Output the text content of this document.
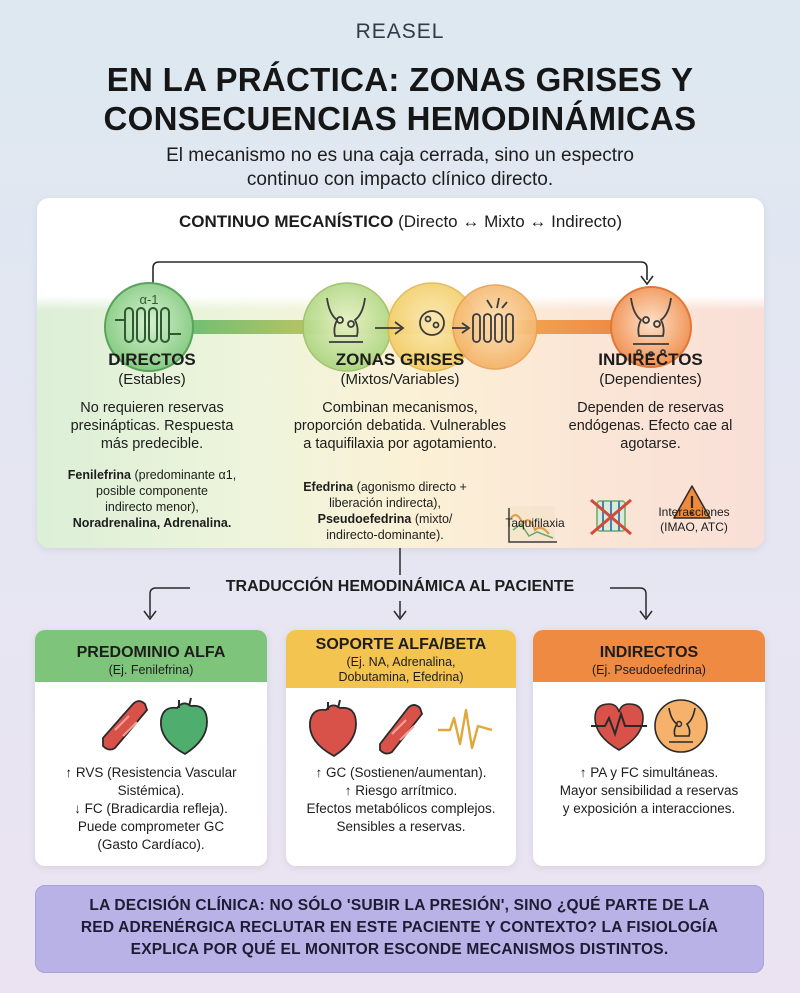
REASEL
EN LA PRÁCTICA: ZONAS GRISES Y
CONSECUENCIAS HEMODINÁMICAS
El mecanismo no es una caja cerrada, sino un espectro
continuo con impacto clínico directo.
CONTINUO MECANÍSTICO (Directo ↔ Mixto ↔ Indirecto)
α-1
DIRECTOS
(Estables)
No requieren reservas
presinápticas. Respuesta
más predecible.
Fenilefrina (predominante α1,
posible componente
indirecto menor),
Noradrenalina, Adrenalina.
ZONAS GRISES
(Mixtos/Variables)
Combinan mecanismos,
proporción debatida. Vulnerables
a taquifilaxia por agotamiento.
Efedrina (agonismo directo +
liberación indirecta),
Pseudoefedrina (mixto/
indirecto-dominante).
Taquifilaxia
INDIRECTOS
(Dependientes)
Dependen de reservas
endógenas. Efecto cae al
agotarse.
Interacciones
(IMAO, ATC)
TRADUCCIÓN HEMODINÁMICA AL PACIENTE
PREDOMINIO ALFA
(Ej. Fenilefrina)
↑ RVS (Resistencia Vascular
Sistémica).
↓ FC (Bradicardia refleja).
Puede comprometer GC
(Gasto Cardíaco).
SOPORTE ALFA/BETA
(Ej. NA, Adrenalina,
Dobutamina, Efedrina)
↑ GC (Sostienen/aumentan).
↑ Riesgo arrítmico.
Efectos metabólicos complejos.
Sensibles a reservas.
INDIRECTOS
(Ej. Pseudoefedrina)
↑ PA y FC simultáneas.
Mayor sensibilidad a reservas
y exposición a interacciones.
LA DECISIÓN CLÍNICA: NO SÓLO 'SUBIR LA PRESIÓN', SINO ¿QUÉ PARTE DE LA
RED ADRENÉRGICA RECLUTAR EN ESTE PACIENTE Y CONTEXTO? LA FISIOLOGÍA
EXPLICA POR QUÉ EL MONITOR ESCONDE MECANISMOS DISTINTOS.
